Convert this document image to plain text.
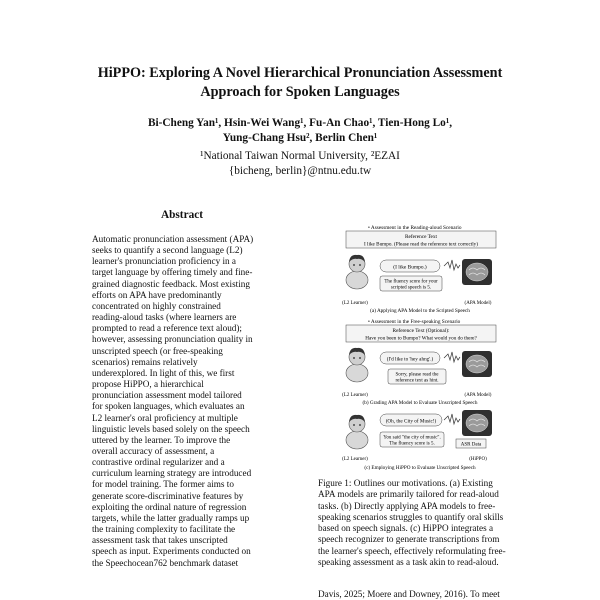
HiPPO: Exploring A Novel Hierarchical Pronunciation Assessment
Approach for Spoken Languages
Bi-Cheng Yan¹, Hsin-Wei Wang¹, Fu-An Chao¹, Tien-Hong Lo¹,
Yung-Chang Hsu², Berlin Chen¹
¹National Taiwan Normal University, ²EZAI
{bicheng, berlin}@ntnu.edu.tw
Abstract
Automatic pronunciation assessment (APA)
seeks to quantify a second language (L2)
learner's pronunciation proficiency in a
target language by offering timely and fine-
grained diagnostic feedback. Most existing
efforts on APA have predominantly
concentrated on highly constrained
reading-aloud tasks (where learners are
prompted to read a reference text aloud);
however, assessing pronunciation quality in
unscripted speech (or free-speaking
scenarios) remains relatively
underexplored. In light of this, we first
propose HiPPO, a hierarchical
pronunciation assessment model tailored
for spoken languages, which evaluates an
L2 learner's oral proficiency at multiple
linguistic levels based solely on the speech
uttered by the learner. To improve the
overall accuracy of assessment, a
contrastive ordinal regularizer and a
curriculum learning strategy are introduced
for model training. The former aims to
generate score-discriminative features by
exploiting the ordinal nature of regression
targets, while the latter gradually ramps up
the training complexity to facilitate the
assessment task that takes unscripted
speech as input. Experiments conducted on
the Speechocean762 benchmark dataset
• Assessment in the Reading-aloud Scenario
Reference Text
I like Bumpo. (Please read the reference text correctly)
(I like Bumpo.)
The fluency score for your
scripted speech is 5.
(L2 Learner)	(APA Model)
(a) Applying APA Model to the Scripted Speech
• Assessment in the Free-speaking Scenario
Reference Text (Optional):
Have you been to Bumpo? What would you do there?
(I'd like to 'hey ahng'.)
Sorry, please read the
reference text as hint.
(L2 Learner)	(APA Model)
(b) Grading APA Model to Evaluate Unscripted Speech
(Oh, the City of Music!)
ASR Data
You said "the city of music".
The fluency score is 5.
(L2 Learner)	(HiPPO)
(c) Employing HiPPO to Evaluate Unscripted Speech
Figure 1: Outlines our motivations. (a) Existing
APA models are primarily tailored for read-aloud
tasks. (b) Directly applying APA models to free-
speaking scenarios struggles to quantify oral skills
based on speech signals. (c) HiPPO integrates a
speech recognizer to generate transcriptions from
the learner's speech, effectively reformulating free-
speaking assessment as a task akin to read-aloud.
Davis, 2025; Moere and Downey, 2016). To meet
